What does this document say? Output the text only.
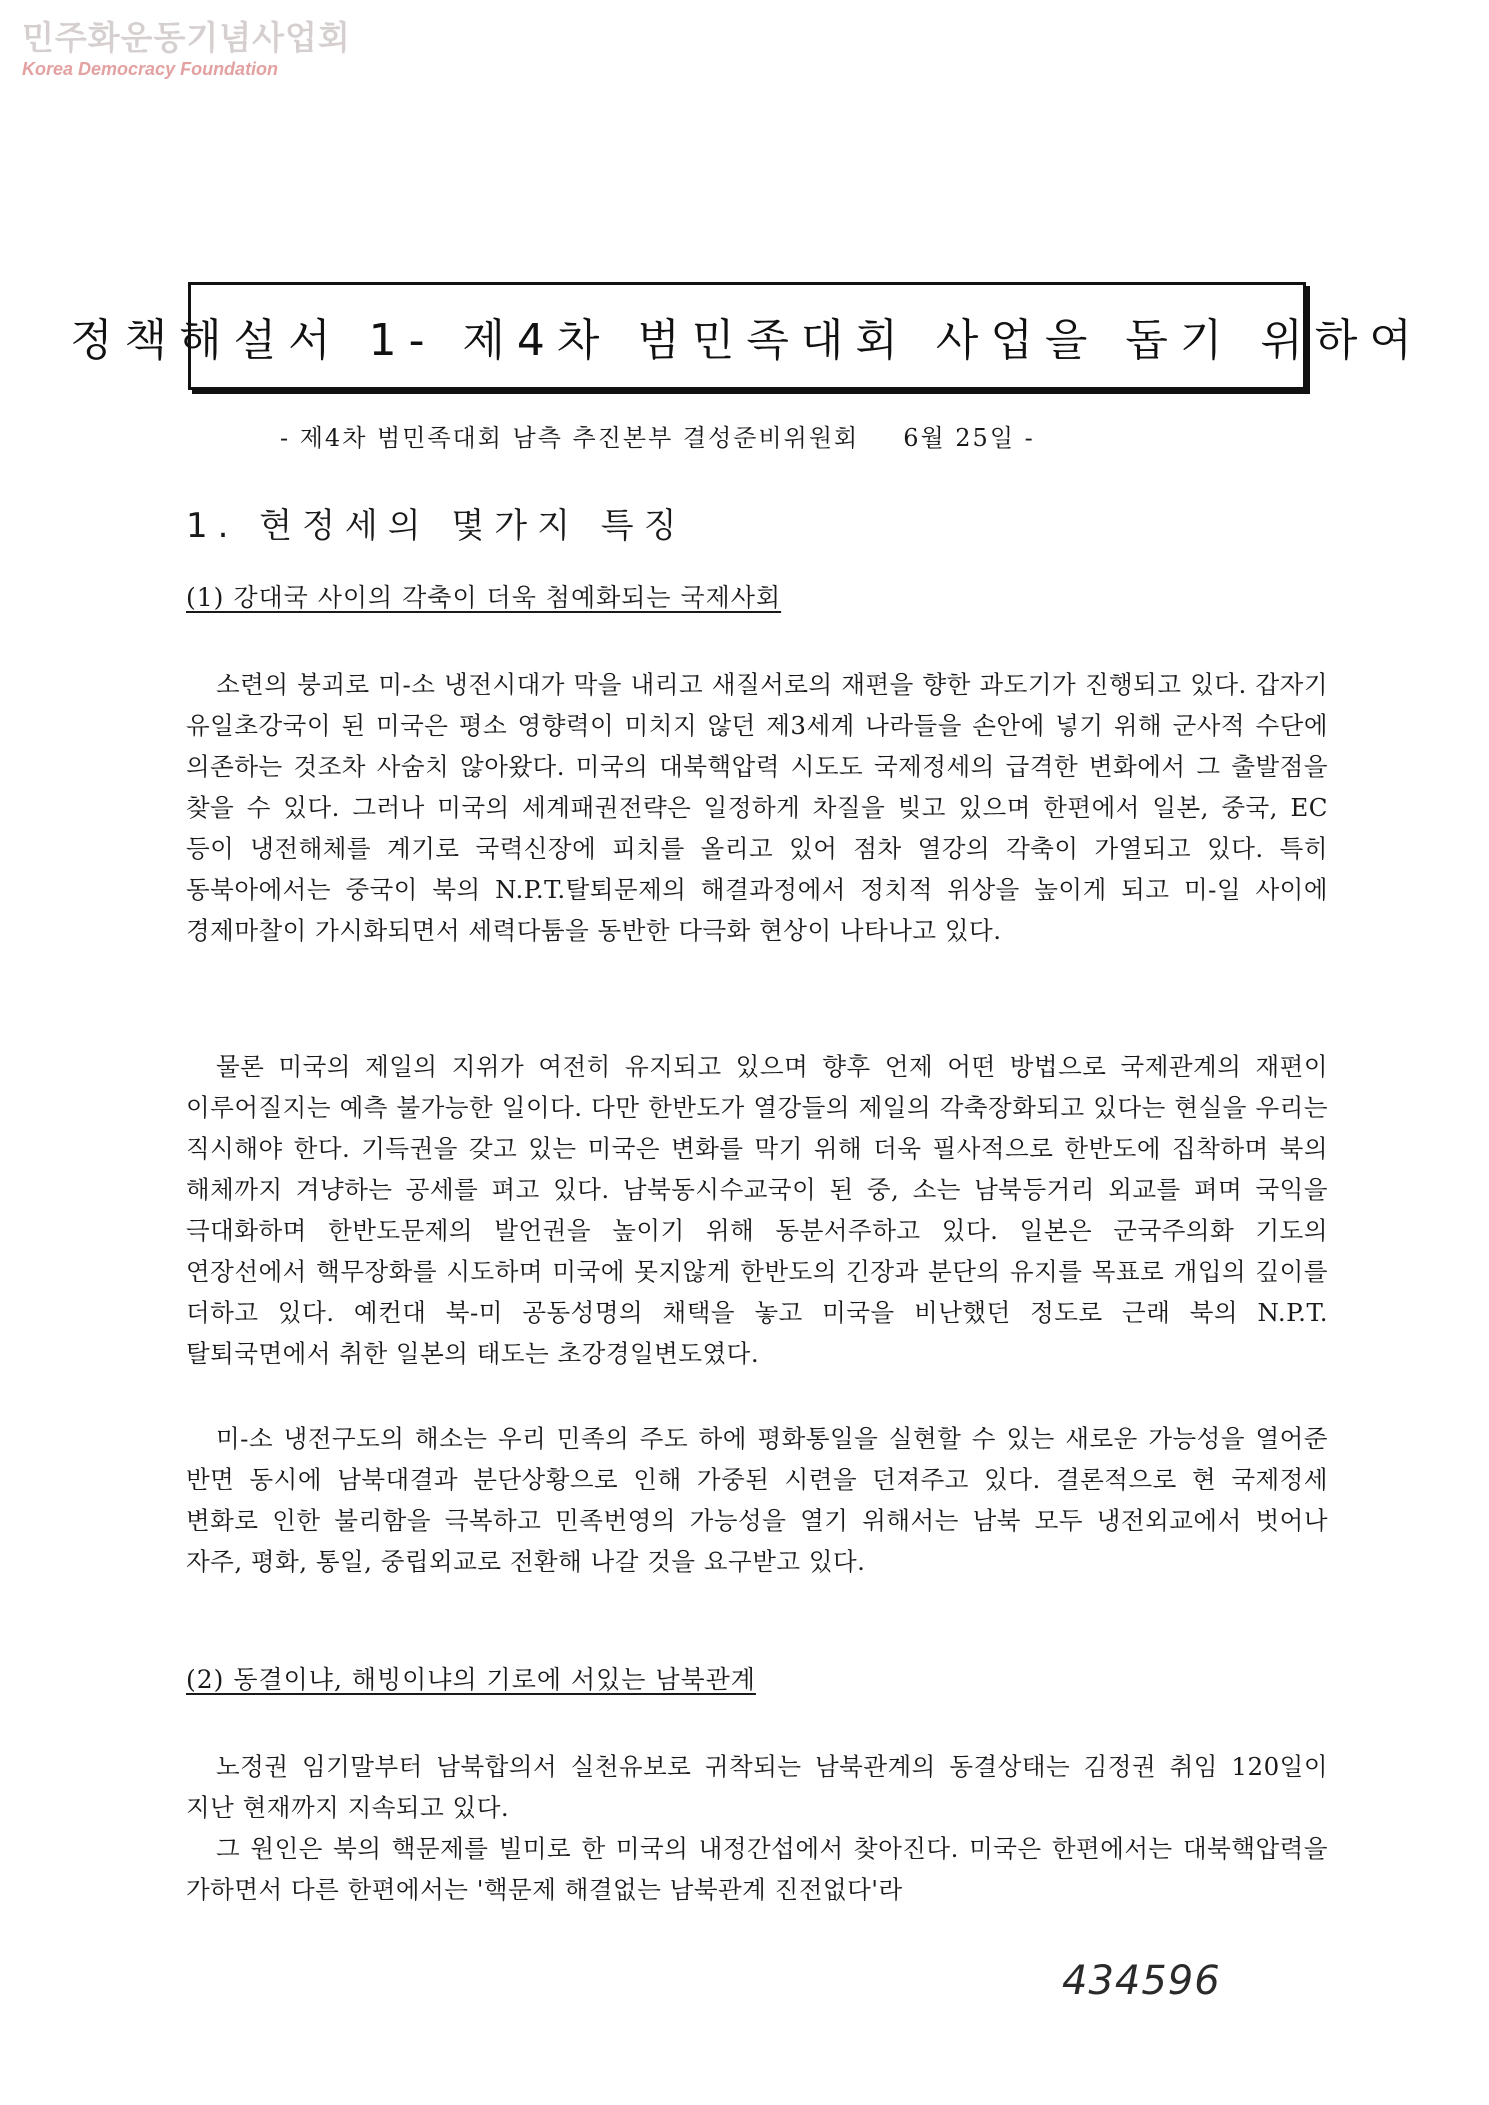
민주화운동기념사업회
Korea Democracy Foundation
정책해설서 1- 제4차 범민족대회 사업을 돕기 위하여
- 제4차 범민족대회 남측 추진본부 결성준비위원회 6월 25일 -
1. 현정세의 몇가지 특징
(1) 강대국 사이의 각축이 더욱 첨예화되는 국제사회
소련의 붕괴로 미-소 냉전시대가 막을 내리고 새질서로의 재편을 향한 과도기가 진행되고 있다. 갑자기 유일초강국이 된 미국은 평소 영향력이 미치지 않던 제3세계 나라들을 손안에 넣기 위해 군사적 수단에 의존하는 것조차 사숨치 않아왔다. 미국의 대북핵압력 시도도 국제정세의 급격한 변화에서 그 출발점을 찾을 수 있다. 그러나 미국의 세계패권전략은 일정하게 차질을 빚고 있으며 한편에서 일본, 중국, EC 등이 냉전해체를 계기로 국력신장에 피치를 올리고 있어 점차 열강의 각축이 가열되고 있다. 특히 동북아에서는 중국이 북의 N.P.T.탈퇴문제의 해결과정에서 정치적 위상을 높이게 되고 미-일 사이에 경제마찰이 가시화되면서 세력다툼을 동반한 다극화 현상이 나타나고 있다.
물론 미국의 제일의 지위가 여전히 유지되고 있으며 향후 언제 어떤 방법으로 국제관계의 재편이 이루어질지는 예측 불가능한 일이다. 다만 한반도가 열강들의 제일의 각축장화되고 있다는 현실을 우리는 직시해야 한다. 기득권을 갖고 있는 미국은 변화를 막기 위해 더욱 필사적으로 한반도에 집착하며 북의 해체까지 겨냥하는 공세를 펴고 있다. 남북동시수교국이 된 중, 소는 남북등거리 외교를 펴며 국익을 극대화하며 한반도문제의 발언권을 높이기 위해 동분서주하고 있다. 일본은 군국주의화 기도의 연장선에서 핵무장화를 시도하며 미국에 못지않게 한반도의 긴장과 분단의 유지를 목표로 개입의 깊이를 더하고 있다. 예컨대 북-미 공동성명의 채택을 놓고 미국을 비난했던 정도로 근래 북의 N.P.T.탈퇴국면에서 취한 일본의 태도는 초강경일변도였다.
미-소 냉전구도의 해소는 우리 민족의 주도 하에 평화통일을 실현할 수 있는 새로운 가능성을 열어준 반면 동시에 남북대결과 분단상황으로 인해 가중된 시련을 던져주고 있다. 결론적으로 현 국제정세 변화로 인한 불리함을 극복하고 민족번영의 가능성을 열기 위해서는 남북 모두 냉전외교에서 벗어나 자주, 평화, 통일, 중립외교로 전환해 나갈 것을 요구받고 있다.
(2) 동결이냐, 해빙이냐의 기로에 서있는 남북관계
노정권 임기말부터 남북합의서 실천유보로 귀착되는 남북관계의 동결상태는 김정권 취임 120일이 지난 현재까지 지속되고 있다.
그 원인은 북의 핵문제를 빌미로 한 미국의 내정간섭에서 찾아진다. 미국은 한편에서는 대북핵압력을 가하면서 다른 한편에서는 '핵문제 해결없는 남북관계 진전없다'라
434596
